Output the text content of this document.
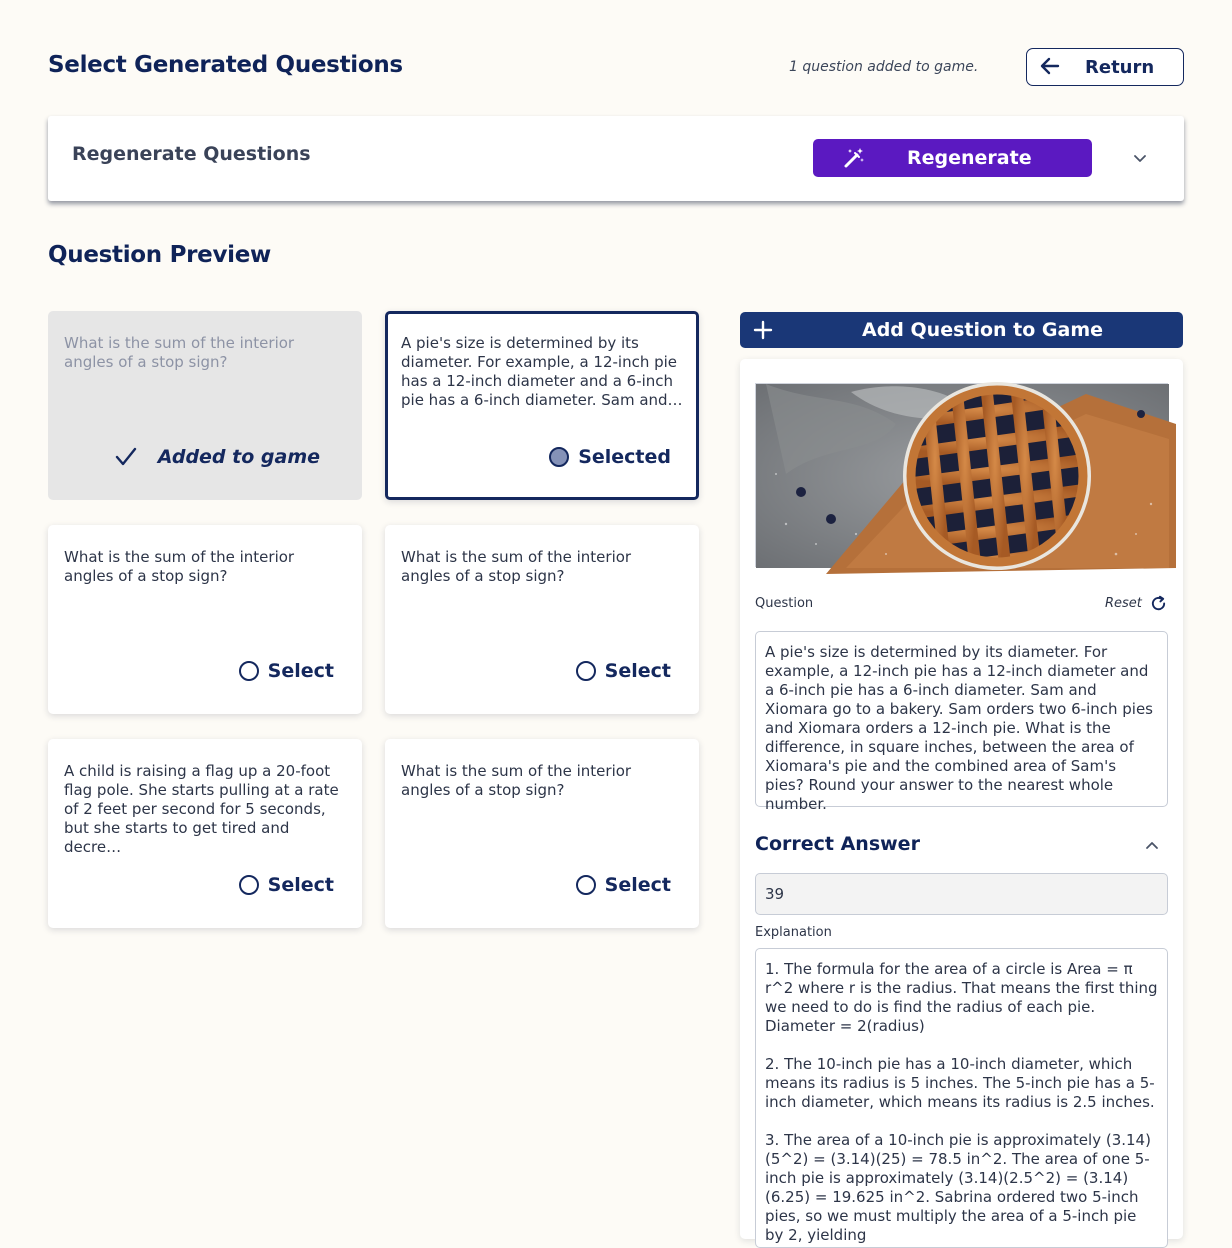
Select Generated Questions	1 question added to game.	Return
Regenerate Questions	Regenerate
Question Preview
What is the sum of the interior angles of a stop sign?
Added to game
A pie's size is determined by its diameter. For example, a 12-inch pie has a 12-inch diameter and a 6-inch pie has a 6-inch diameter. Sam and…
Selected
What is the sum of the interior angles of a stop sign?
Select
What is the sum of the interior angles of a stop sign?
Select
A child is raising a flag up a 20-foot flag pole. She starts pulling at a rate of 2 feet per second for 5 seconds, but she starts to get tired and decre…
Select
What is the sum of the interior angles of a stop sign?
Select
Add Question to Game
Question	Reset
A pie's size is determined by its diameter. For example, a 12-inch pie has a 12-inch diameter and a 6-inch pie has a 6-inch diameter. Sam and Xiomara go to a bakery. Sam orders two 6-inch pies and Xiomara orders a 12-inch pie. What is the difference, in square inches, between the area of Xiomara's pie and the combined area of Sam's pies? Round your answer to the nearest whole number.
Correct Answer
39
Explanation
1. The formula for the area of a circle is Area = π r^2 where r is the radius. That means the first thing we need to do is find the radius of each pie. Diameter = 2(radius)

2. The 10-inch pie has a 10-inch diameter, which means its radius is 5 inches. The 5-inch pie has a 5-inch diameter, which means its radius is 2.5 inches.

3. The area of a 10-inch pie is approximately (3.14)(5^2) = (3.14)(25) = 78.5 in^2. The area of one 5-inch pie is approximately (3.14)(2.5^2) = (3.14)(6.25) = 19.625 in^2. Sabrina ordered two 5-inch pies, so we must multiply the area of a 5-inch pie by 2, yielding
